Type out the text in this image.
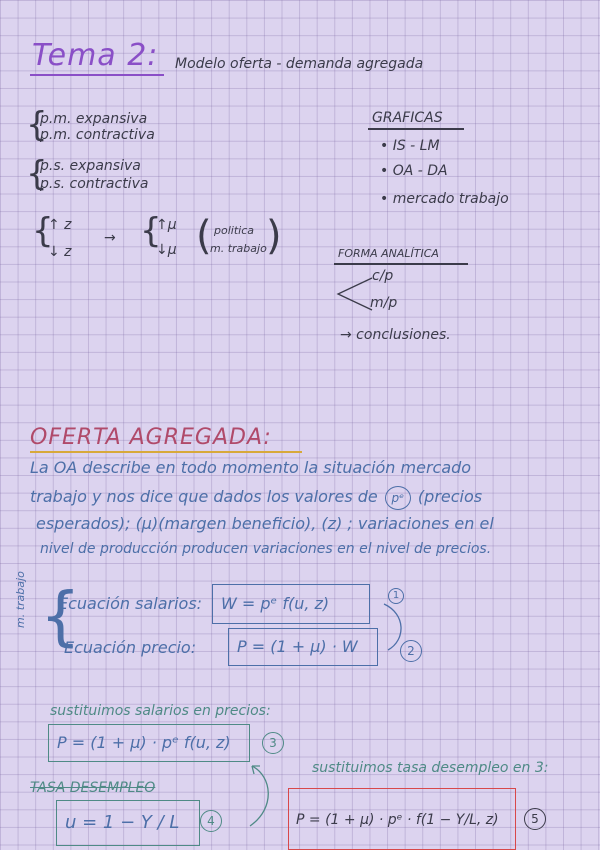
Tema 2: Modelo oferta - demanda agregada
{
p.m. expansiva
p.m. contractiva
{
p.s. expansiva
p.s. contractiva
{
↑ z
↓ z
→ {
↑μ
↓μ ( politica
m. trabajo )
GRAFICAS
• IS - LM
• OA - DA
• mercado trabajo
FORMA ANALÍTICA
c/p
m/p
→ conclusiones.
OFERTA AGREGADA:
La OA describe en todo momento la situación mercado
trabajo y nos dice que dados los valores de pᵉ (precios
esperados); (μ)(margen beneficio), (z) ; variaciones en el
nivel de producción producen variaciones en el nivel de precios.
m. trabajo {
Ecuación salarios:	W = pᵉ f(u, z)	1
Ecuación precio:	P = (1 + μ) · W	2
sustituimos salarios en precios:
P = (1 + μ) · pᵉ f(u, z)	3
TASA DESEMPLEO
u = 1 − Y / L	4
sustituimos tasa desempleo en 3:
P = (1 + μ) · pᵉ · f(1 − Y/L, z)	5
